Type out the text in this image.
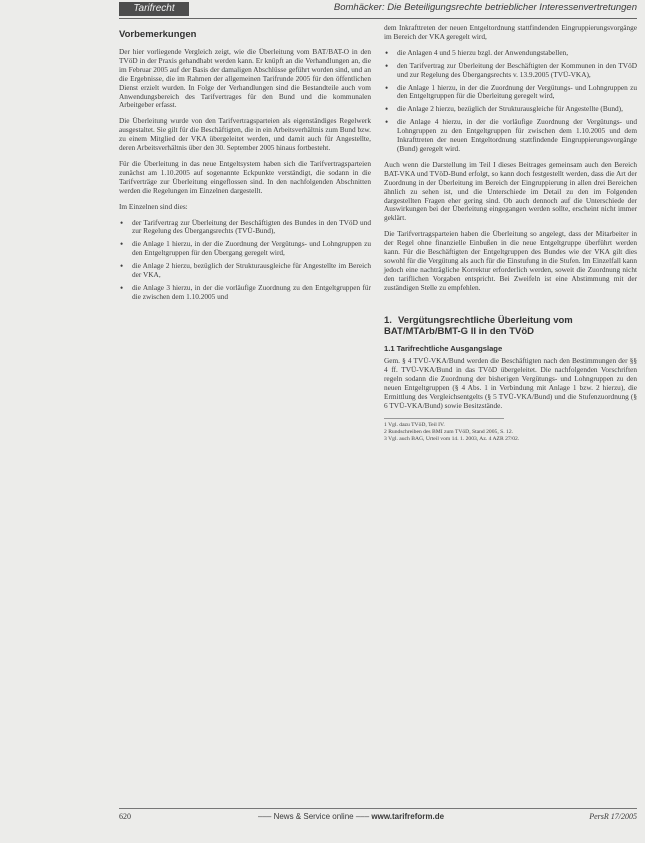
Tarifrecht	Bomhäcker: Die Beteiligungsrechte betrieblicher Interessenvertretungen
Vorbemerkungen

Der hier vorliegende Vergleich zeigt, wie die Überleitung vom BAT/BAT-O in den TVöD in der Praxis gehandhabt werden kann. Er knüpft an die Verhandlungen an, die im Februar 2005 auf der Basis der damaligen Abschlüsse geführt worden sind, und an die Ergebnisse, die im Rahmen der allgemeinen Tarifrunde 2005 für den öffentlichen Dienst erzielt wurden. In Folge der Verhandlungen sind die Bestandteile auch vom Anwendungsbereich des Tarifvertrages für den Bund und die kommunalen Arbeitgeber erfasst.

Die Überleitung wurde von den Tarifvertragsparteien als eigenständiges Regelwerk ausgestaltet. Sie gilt für die Beschäftigten, die in ein Arbeitsverhältnis zum Bund bzw. zu einem Mitglied der VKA übergeleitet werden, und damit auch für Angestellte, deren Arbeitsverhältnis über den 30. September 2005 hinaus fortbesteht.

Für die Überleitung in das neue Entgeltsystem haben sich die Tarifvertragsparteien zunächst am 1.10.2005 auf sogenannte Eckpunkte verständigt, die sodann in die Tarifverträge zur Überleitung eingeflossen sind. In den nachfolgenden Abschnitten werden die Regelungen im Einzelnen dargestellt.

Im Einzelnen sind dies:

• der Tarifvertrag zur Überleitung der Beschäftigten des Bundes in den TVöD und zur Regelung des Übergangsrechts (TVÜ-Bund),
• die Anlage 1 hierzu, in der die Zuordnung der Vergütungs- und Lohngruppen zu den Entgeltgruppen für den Übergang geregelt wird,
• die Anlage 2 hierzu, bezüglich der Strukturausgleiche für Angestellte im Bereich der VKA,
• die Anlage 3 hierzu, in der die vorläufige Zuordnung zu den Entgeltgruppen für die zwischen dem 1.10.2005 und

dem Inkrafttreten der neuen Entgeltordnung stattfindenden Eingruppierungsvorgänge im Bereich der VKA geregelt wird,

• die Anlagen 4 und 5 hierzu bzgl. der Anwendungstabellen,
• den Tarifvertrag zur Überleitung der Beschäftigten der Kommunen in den TVöD und zur Regelung des Übergangsrechts v. 13.9.2005 (TVÜ-VKA),
• die Anlage 1 hierzu, in der die Zuordnung der Vergütungs- und Lohngruppen zu den Entgeltgruppen für die Überleitung geregelt wird,
• die Anlage 2 hierzu, bezüglich der Strukturausgleiche für Angestellte (Bund),
• die Anlage 4 hierzu, in der die vorläufige Zuordnung der Vergütungs- und Lohngruppen zu den Entgeltgruppen für zwischen dem 1.10.2005 und dem Inkrafttreten der neuen Entgeltordnung stattfindende Eingruppierungsvorgänge (Bund) geregelt wird.

Auch wenn die Darstellung im Teil I dieses Beitrages gemeinsam auch den Bereich BAT-VKA und TVöD-Bund erfolgt, so kann doch festgestellt werden, dass die Art der Zuordnung in der Überleitung im Bereich der Eingruppierung in allen drei Bereichen ähnlich zu sehen ist, und die Unterschiede im Detail zu den im Folgenden dargestellten Fragen eher gering sind. Ob auch dennoch auf die Unterschiede der Auswirkungen bei der Überleitung eingegangen werden sollte, erscheint nicht immer geklärt.

Die Tarifvertragsparteien haben die Überleitung so angelegt, dass der Mitarbeiter in der Regel ohne finanzielle Einbußen in die neue Entgeltgruppe überführt werden kann. Für die Beschäftigten der Entgeltgruppen des Bundes wie der VKA gilt dies sowohl für die Vergütung als auch für die Einstufung in die Stufen. Im Einzelfall kann jedoch eine nachträgliche Korrektur erforderlich werden, soweit die Zuordnung nicht den tariflichen Vorgaben entspricht. Bei Zweifeln ist eine Abstimmung mit der zuständigen Stelle zu empfehlen.

1. Vergütungsrechtliche Überleitung vom BAT/MTArb/BMT-G II in den TVöD
1.1 Tarifrechtliche Ausgangslage

Gem. § 4 TVÜ-VKA/Bund werden die Beschäftigten nach den Bestimmungen der §§ 4 ff. TVÜ-VKA/Bund in das TVöD übergeleitet. Die nachfolgenden Vorschriften regeln sodann die Zuordnung der bisherigen Vergütungs- und Lohngruppen zu den neuen Entgeltgruppen (§ 4 Abs. 1 in Verbindung mit Anlage 1 bzw. 2 hierzu), die Ermittlung des Vergleichsentgelts (§ 5 TVÜ-VKA/Bund) und die Stufenzuordnung (§ 6 TVÜ-VKA/Bund) sowie Besitzstände.

1 Vgl. dazu TVöD, Teil IV.
2 Rundschreiben des BMI zum TVöD, Stand 2005, S. 12.
3 Vgl. auch BAG, Urteil vom 14. 1. 2003, Az. 4 AZR 27/02.
620	––– News & Service online ––– www.tarifreform.de	PersR 17/2005
